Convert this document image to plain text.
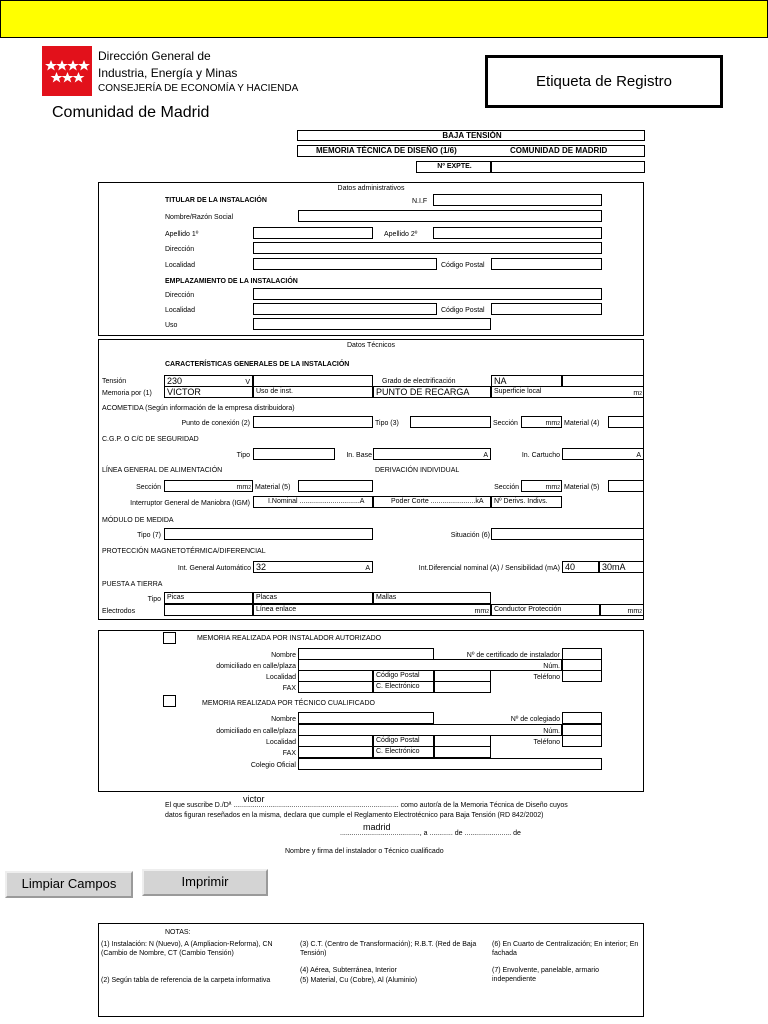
Dirección General de
Industria, Energía y Minas
CONSEJERÍA DE ECONOMÍA Y HACIENDA
Comunidad de Madrid
Etiqueta de Registro
BAJA TENSIÓN
MEMORIA TÉCNICA DE DISEÑO (1/6)	COMUNIDAD DE MADRID
Nº EXPTE.
Datos administrativos
TITULAR DE LA INSTALACIÓN	N.I.F
Nombre/Razón Social
Apellido 1º	Apellido 2º
Dirección
Localidad	Código Postal
EMPLAZAMIENTO DE LA INSTALACIÓN
Dirección
Localidad	Código Postal
Uso
Datos Técnicos
CARACTERÍSTICAS GENERALES DE LA INSTALACIÓN
Tensión	230	V	Grado de electrificación	NA
Memoria por (1)	VICTOR	Uso de inst.	PUNTO DE RECARGA	Superficie local	$m^2$
ACOMETIDA (Según información de la empresa distribuidora)
Punto de conexión (2)	Tipo (3)	Sección	$mm^2$ Material (4)
C.G.P. O C/C DE SEGURIDAD
Tipo	In. Base	A	In. Cartucho	A
LÍNEA GENERAL DE ALIMENTACIÓN	DERIVACIÓN INDIVIDUAL
Sección	$mm^2$ Material (5)	Sección	$mm^2$ Material (5)
Interruptor General de Maniobra (IGM)	I.Nominal ...............................A	Poder Corte .......................kA	Nº Derivs. Indivs.
MÓDULO DE MEDIDA
Tipo (7)	Situación (6)
PROTECCIÓN MAGNETOTÉRMICA/DIFERENCIAL
Int. General Automático 32	A	Int.Diferencial nominal (A) / Sensibilidad (mA) 40	30mA
PUESTA A TIERRA
Tipo Picas	Placas	Mallas
Electrodos	Línea enlace	$mm^2$ Conductor Protección	$mm^2$
MEMORIA REALIZADA POR INSTALADOR AUTORIZADO
Nombre	Nº de certificado de instalador
domiciliado en calle/plaza	Núm.
Localidad	Código Postal	Teléfono
FAX	C. Electrónico
MEMORIA REALIZADA POR TÉCNICO CUALIFICADO
Nombre	Nº de colegiado
domiciliado en calle/plaza	Núm.
Localidad	Código Postal	Teléfono
FAX	C. Electrónico
Colegio Oficial
El que suscribe D./Dª ..................................................................................... como autor/a de la Memoria Técnica de Diseño cuyos
victor
datos figuran reseñados en la misma, declara que cumple el Reglamento Electrotécnico para Baja Tensión (RD 842/2002)
........................................., a ............ de ........................ de
madrid
Nombre y firma del instalador o Técnico cualificado
Limpiar Campos	Imprimir
NOTAS:
(1) Instalación: N (Nuevo), A (Ampliacion-Reforma), CN (Cambio de Nombre, CT (Cambio Tensión)
(2) Según tabla de referencia de la carpeta informativa
(3) C.T. (Centro de Transformación); R.B.T. (Red de Baja Tensión)
(4) Aérea, Subterránea, Interior
(5) Material, Cu (Cobre), Al (Aluminio)
(6) En Cuarto de Centralización; En interior; En fachada
(7) Envolvente, panelable, armario independiente
